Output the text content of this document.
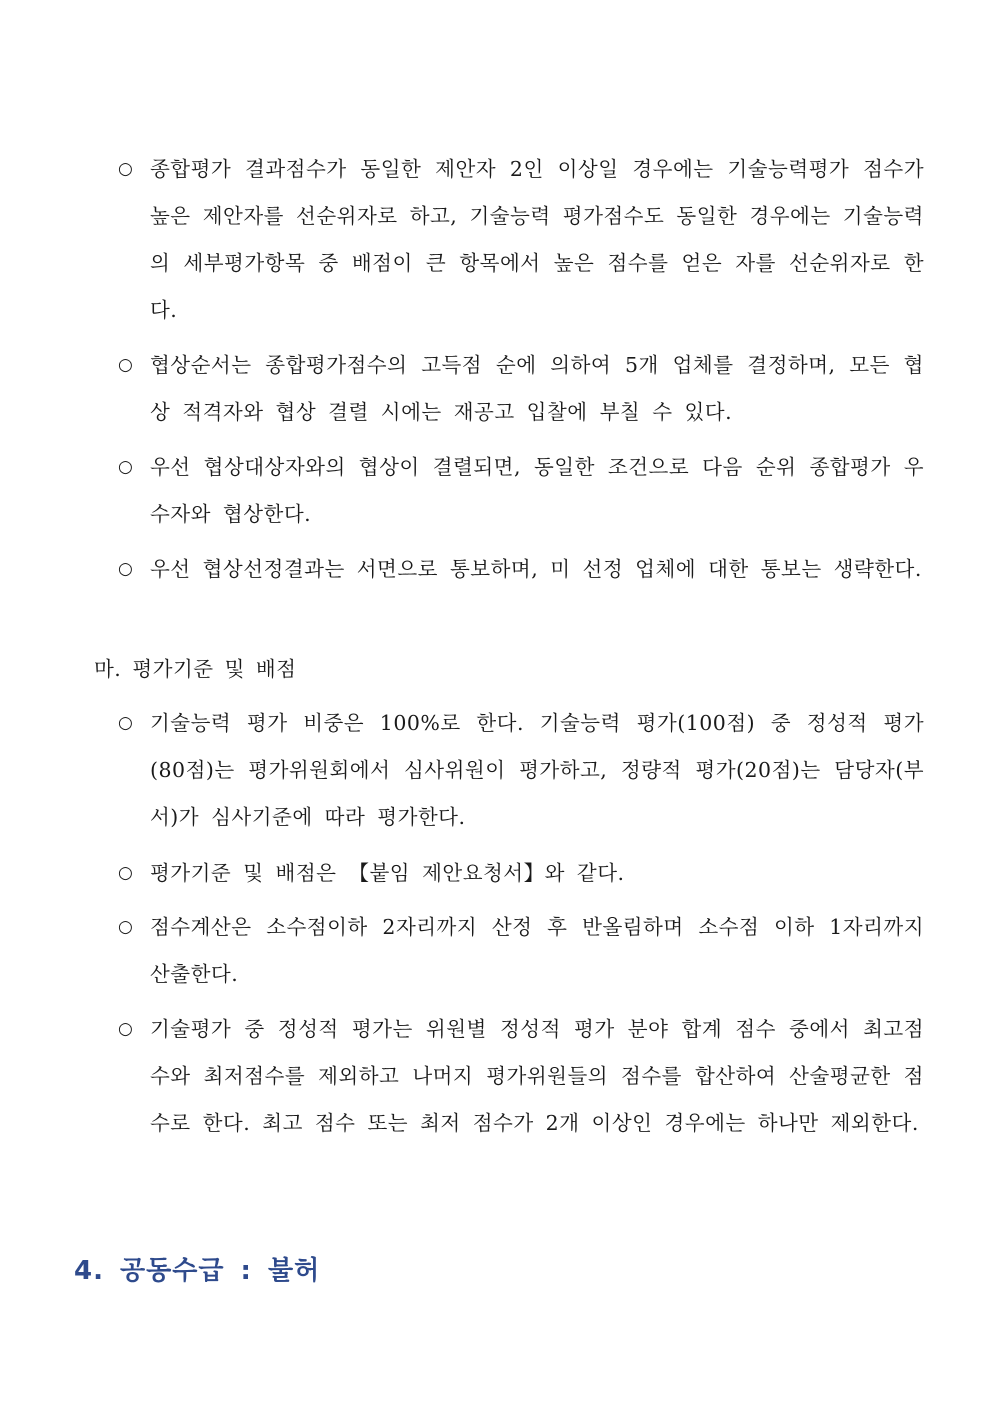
○ 종합평가 결과점수가 동일한 제안자 2인 이상일 경우에는 기술능력평가 점수가 높은 제안자를 선순위자로 하고, 기술능력 평가점수도 동일한 경우에는 기술능력의 세부평가항목 중 배점이 큰 항목에서 높은 점수를 얻은 자를 선순위자로 한다.
○ 협상순서는 종합평가점수의 고득점 순에 의하여 5개 업체를 결정하며, 모든 협상 적격자와 협상 결렬 시에는 재공고 입찰에 부칠 수 있다.
○ 우선 협상대상자와의 협상이 결렬되면, 동일한 조건으로 다음 순위 종합평가 우수자와 협상한다.
○ 우선 협상선정결과는 서면으로 통보하며, 미 선정 업체에 대한 통보는 생략한다.
마. 평가기준 및 배점
○ 기술능력 평가 비중은 100%로 한다. 기술능력 평가(100점) 중 정성적 평가(80점)는 평가위원회에서 심사위원이 평가하고, 정량적 평가(20점)는 담당자(부서)가 심사기준에 따라 평가한다.
○ 평가기준 및 배점은 【붙임 제안요청서】와 같다.
○ 점수계산은 소수점이하 2자리까지 산정 후 반올림하며 소수점 이하 1자리까지 산출한다.
○ 기술평가 중 정성적 평가는 위원별 정성적 평가 분야 합계 점수 중에서 최고점수와 최저점수를 제외하고 나머지 평가위원들의 점수를 합산하여 산술평균한 점수로 한다. 최고 점수 또는 최저 점수가 2개 이상인 경우에는 하나만 제외한다.
4. 공동수급 : 불허
